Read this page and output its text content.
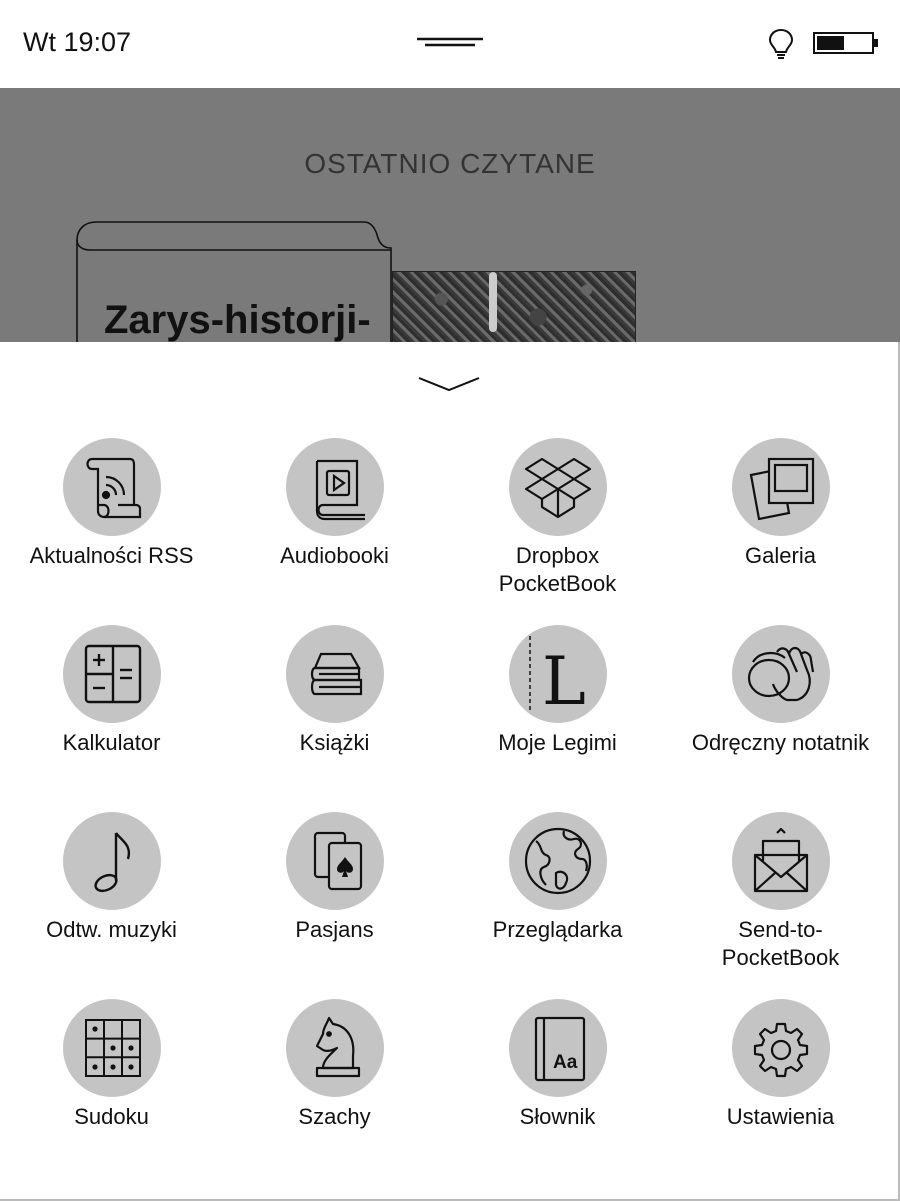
Wt 19:07
OSTATNIO CZYTANE
Zarys-historji-
Aktualności RSS	Audiobooki	Dropbox
PocketBook
Galeria
Kalkulator	Książki
L
Moje Legimi	Odręczny notatnik
Odtw. muzyki	Pasjans	Przeglądarka	Send-to-
PocketBook
Sudoku	Szachy
Aa
Słownik	Ustawienia
